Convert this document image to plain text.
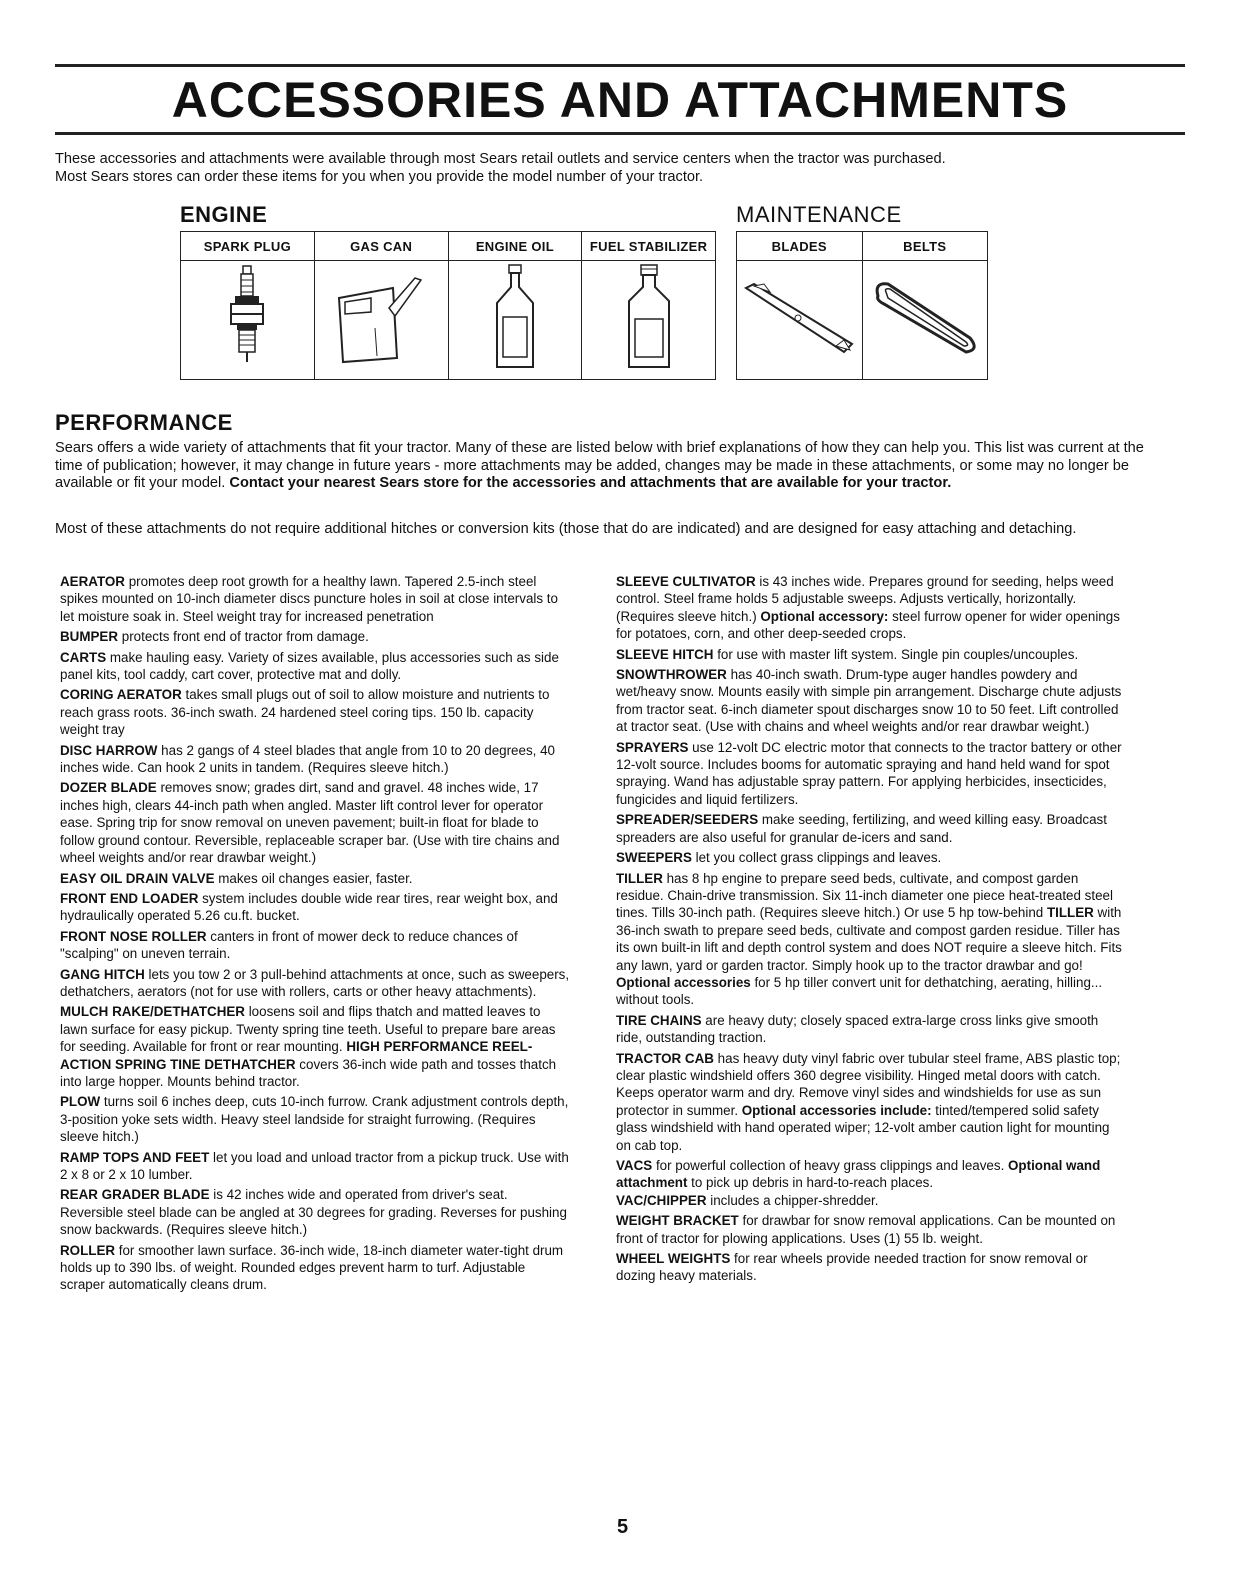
ACCESSORIES AND ATTACHMENTS
These accessories and attachments were available through most Sears retail outlets and service centers when the tractor was purchased.
Most Sears stores can order these items for you when you provide the model number of your tractor.
ENGINE
SPARK PLUG	GAS CAN	ENGINE OIL	FUEL STABILIZER

MAINTENANCE
BLADES	BELTS

PERFORMANCE
Sears offers a wide variety of attachments that fit your tractor. Many of these are listed below with brief explanations of how they can help you. This list was current at the time of publication; however, it may change in future years - more attachments may be added, changes may be made in these attachments, or some may no longer be available or fit your model. Contact your nearest Sears store for the accessories and attachments that are available for your tractor.
Most of these attachments do not require additional hitches or conversion kits (those that do are indicated) and are designed for easy attaching and detaching.

AERATOR promotes deep root growth for a healthy lawn. Tapered 2.5-inch steel spikes mounted on 10-inch diameter discs puncture holes in soil at close intervals to let moisture soak in. Steel weight tray for increased penetration

BUMPER protects front end of tractor from damage.

CARTS make hauling easy. Variety of sizes available, plus accessories such as side panel kits, tool caddy, cart cover, protective mat and dolly.

CORING AERATOR takes small plugs out of soil to allow moisture and nutrients to reach grass roots. 36-inch swath. 24 hardened steel coring tips. 150 lb. capacity weight tray

DISC HARROW has 2 gangs of 4 steel blades that angle from 10 to 20 degrees, 40 inches wide. Can hook 2 units in tandem. (Requires sleeve hitch.)

DOZER BLADE removes snow; grades dirt, sand and gravel. 48 inches wide, 17 inches high, clears 44-inch path when angled. Master lift control lever for operator ease. Spring trip for snow removal on uneven pavement; built-in float for blade to follow ground contour. Reversible, replaceable scraper bar. (Use with tire chains and wheel weights and/or rear drawbar weight.)

EASY OIL DRAIN VALVE makes oil changes easier, faster.

FRONT END LOADER system includes double wide rear tires, rear weight box, and hydraulically operated 5.26 cu.ft. bucket.

FRONT NOSE ROLLER canters in front of mower deck to reduce chances of "scalping" on uneven terrain.

GANG HITCH lets you tow 2 or 3 pull-behind attachments at once, such as sweepers, dethatchers, aerators (not for use with rollers, carts or other heavy attachments).

MULCH RAKE/DETHATCHER loosens soil and flips thatch and matted leaves to lawn surface for easy pickup. Twenty spring tine teeth. Useful to prepare bare areas for seeding. Available for front or rear mounting. HIGH PERFORMANCE REEL-ACTION SPRING TINE DETHATCHER covers 36-inch wide path and tosses thatch into large hopper. Mounts behind tractor.

PLOW turns soil 6 inches deep, cuts 10-inch furrow. Crank adjustment controls depth, 3-position yoke sets width. Heavy steel landside for straight furrowing. (Requires sleeve hitch.)

RAMP TOPS AND FEET let you load and unload tractor from a pickup truck. Use with 2 x 8 or 2 x 10 lumber.

REAR GRADER BLADE is 42 inches wide and operated from driver's seat. Reversible steel blade can be angled at 30 degrees for grading. Reverses for pushing snow backwards. (Requires sleeve hitch.)

ROLLER for smoother lawn surface. 36-inch wide, 18-inch diameter water-tight drum holds up to 390 lbs. of weight. Rounded edges prevent harm to turf. Adjustable scraper automatically cleans drum.

SLEEVE CULTIVATOR is 43 inches wide. Prepares ground for seeding, helps weed control. Steel frame holds 5 adjustable sweeps. Adjusts vertically, horizontally. (Requires sleeve hitch.) Optional accessory: steel furrow opener for wider openings for potatoes, corn, and other deep-seeded crops.

SLEEVE HITCH for use with master lift system. Single pin couples/uncouples.

SNOWTHROWER has 40-inch swath. Drum-type auger handles powdery and wet/heavy snow. Mounts easily with simple pin arrangement. Discharge chute adjusts from tractor seat. 6-inch diameter spout discharges snow 10 to 50 feet. Lift controlled at tractor seat. (Use with chains and wheel weights and/or rear drawbar weight.)

SPRAYERS use 12-volt DC electric motor that connects to the tractor battery or other 12-volt source. Includes booms for automatic spraying and hand held wand for spot spraying. Wand has adjustable spray pattern. For applying herbicides, insecticides, fungicides and liquid fertilizers.

SPREADER/SEEDERS make seeding, fertilizing, and weed killing easy. Broadcast spreaders are also useful for granular de-icers and sand.

SWEEPERS let you collect grass clippings and leaves.

TILLER has 8 hp engine to prepare seed beds, cultivate, and compost garden residue. Chain-drive transmission. Six 11-inch diameter one piece heat-treated steel tines. Tills 30-inch path. (Requires sleeve hitch.) Or use 5 hp tow-behind TILLER with 36-inch swath to prepare seed beds, cultivate and compost garden residue. Tiller has its own built-in lift and depth control system and does NOT require a sleeve hitch. Fits any lawn, yard or garden tractor. Simply hook up to the tractor drawbar and go! Optional accessories for 5 hp tiller convert unit for dethatching, aerating, hilling... without tools.

TIRE CHAINS are heavy duty; closely spaced extra-large cross links give smooth ride, outstanding traction.

TRACTOR CAB has heavy duty vinyl fabric over tubular steel frame, ABS plastic top; clear plastic windshield offers 360 degree visibility. Hinged metal doors with catch. Keeps operator warm and dry. Remove vinyl sides and windshields for use as sun protector in summer. Optional accessories include: tinted/tempered solid safety glass windshield with hand operated wiper; 12-volt amber caution light for mounting on cab top.

VACS for powerful collection of heavy grass clippings and leaves. Optional wand attachment to pick up debris in hard-to-reach places.

VAC/CHIPPER includes a chipper-shredder.

WEIGHT BRACKET for drawbar for snow removal applications. Can be mounted on front of tractor for plowing applications. Uses (1) 55 lb. weight.

WHEEL WEIGHTS for rear wheels provide needed traction for snow removal or dozing heavy materials.

5
